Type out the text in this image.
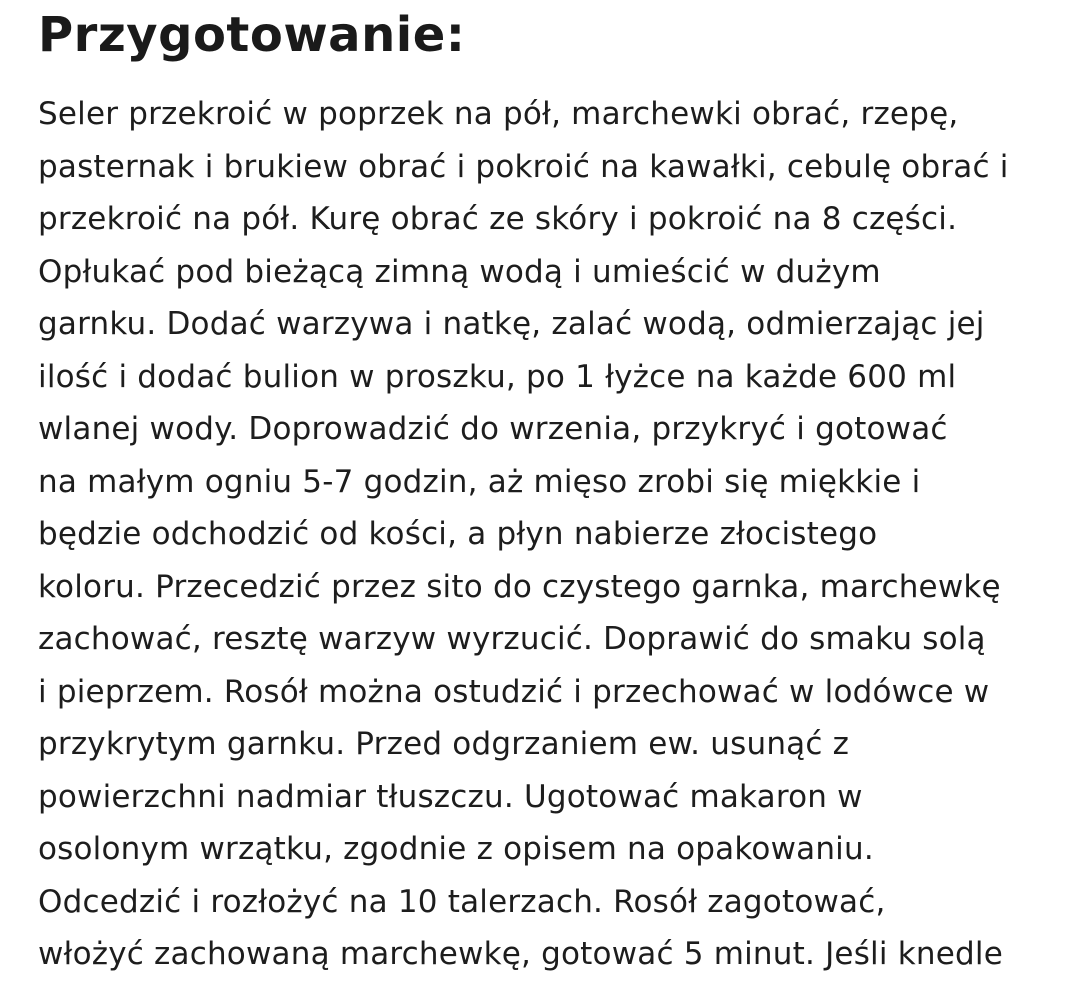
Przygotowanie:
Seler przekroić w poprzek na pół, marchewki obrać, rzepę,
pasternak i brukiew obrać i pokroić na kawałki, cebulę obrać i
przekroić na pół. Kurę obrać ze skóry i pokroić na 8 części.
Opłukać pod bieżącą zimną wodą i umieścić w dużym
garnku. Dodać warzywa i natkę, zalać wodą, odmierzając jej
ilość i dodać bulion w proszku, po 1 łyżce na każde 600 ml
wlanej wody. Doprowadzić do wrzenia, przykryć i gotować
na małym ogniu 5-7 godzin, aż mięso zrobi się miękkie i
będzie odchodzić od kości, a płyn nabierze złocistego
koloru. Przecedzić przez sito do czystego garnka, marchewkę
zachować, resztę warzyw wyrzucić. Doprawić do smaku solą
i pieprzem. Rosół można ostudzić i przechować w lodówce w
przykrytym garnku. Przed odgrzaniem ew. usunąć z
powierzchni nadmiar tłuszczu. Ugotować makaron w
osolonym wrzątku, zgodnie z opisem na opakowaniu.
Odcedzić i rozłożyć na 10 talerzach. Rosół zagotować,
włożyć zachowaną marchewkę, gotować 5 minut. Jeśli knedle
